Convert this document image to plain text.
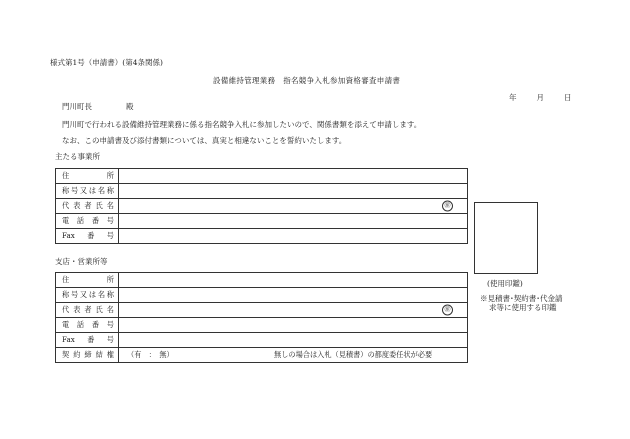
様式第1号（申請書）(第4条関係)
設備維持管理業務　指名競争入札参加資格審査申請書
年	月	日
門川町長	殿
門川町で行われる設備維持管理業務に係る指名競争入札に参加したいので、関係書類を添えて申請します。
なお、この申請書及び添付書類については、真実と相違ないことを誓約いたします。
主たる事業所
住所	
称号又は名称	
代表者氏名	㊞

電話番号	
Fax番号	
支店・営業所等
住所	
称号又は名称	
代表者氏名	㊞

電話番号	
Fax番号	
契約締結権	（有　：　無） 無しの場合は入札（見積書）の都度委任状が必要
(使用印鑑)
※見積書･契約書･代金請
求等に使用する印鑑
